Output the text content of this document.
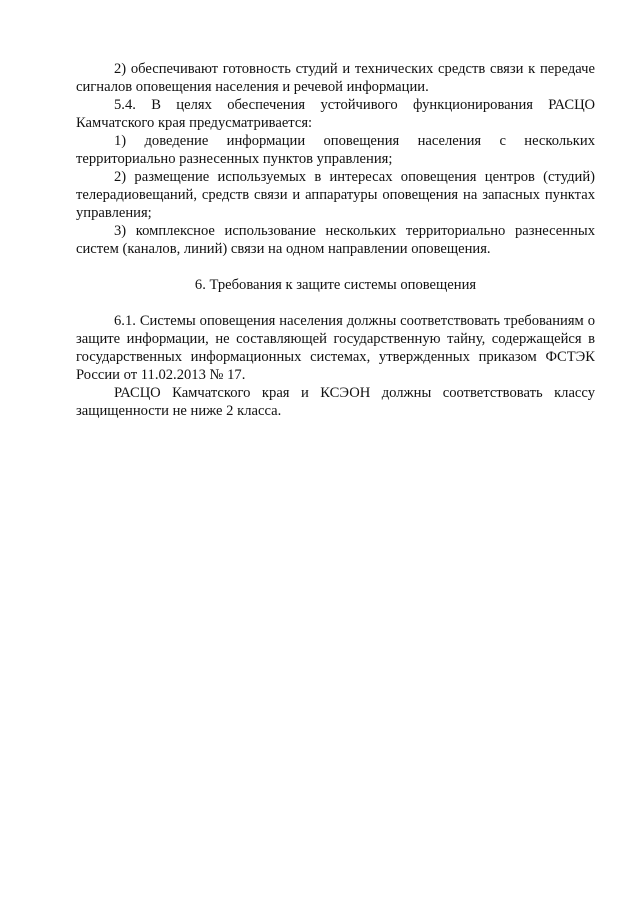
2) обеспечивают готовность студий и технических средств связи к передаче сигналов оповещения населения и речевой информации.

5.4. В целях обеспечения устойчивого функционирования РАСЦО Камчатского края предусматривается:

1) доведение информации оповещения населения с нескольких территориально разнесенных пунктов управления;

2) размещение используемых в интересах оповещения центров (студий) телерадиовещаний, средств связи и аппаратуры оповещения на запасных пунктах управления;

3) комплексное использование нескольких территориально разнесенных систем (каналов, линий) связи на одном направлении оповещения.

6. Требования к защите системы оповещения

6.1. Системы оповещения населения должны соответствовать требованиям о защите информации, не составляющей государственную тайну, содержащейся в государственных информационных системах, утвержденных приказом ФСТЭК России от 11.02.2013 № 17.

РАСЦО Камчатского края и КСЭОН должны соответствовать классу защищенности не ниже 2 класса.
